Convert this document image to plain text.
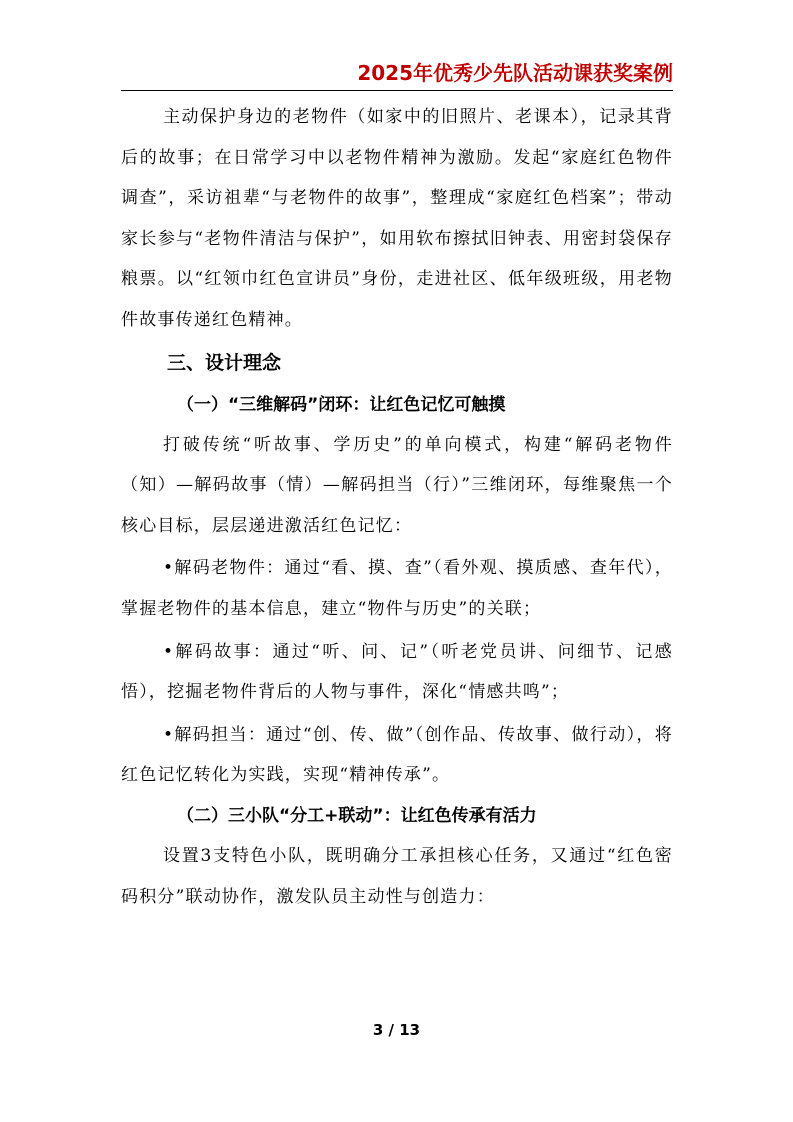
2025年优秀少先队活动课获奖案例

主动保护身边的老物件（如家中的旧照片、老课本），记录其背后的故事；在日常学习中以老物件精神为激励。发起“家庭红色物件调查”，采访祖辈“与老物件的故事”，整理成“家庭红色档案”；带动家长参与“老物件清洁与保护”，如用软布擦拭旧钟表、用密封袋保存粮票。以“红领巾红色宣讲员”身份，走进社区、低年级班级，用老物件故事传递红色精神。

三、设计理念
（一）“三维解码”闭环：让红色记忆可触摸

打破传统“听故事、学历史”的单向模式，构建“解码老物件（知）—解码故事（情）—解码担当（行）”三维闭环，每维聚焦一个核心目标，层层递进激活红色记忆：

•解码老物件：通过“看、摸、查”（看外观、摸质感、查年代），掌握老物件的基本信息，建立“物件与历史”的关联；

•解码故事：通过“听、问、记”（听老党员讲、问细节、记感悟），挖掘老物件背后的人物与事件，深化“情感共鸣”；

•解码担当：通过“创、传、做”（创作品、传故事、做行动），将红色记忆转化为实践，实现“精神传承”。

（二）三小队“分工+联动”：让红色传承有活力

设置3支特色小队，既明确分工承担核心任务，又通过“红色密码积分”联动协作，激发队员主动性与创造力：

3 / 13
